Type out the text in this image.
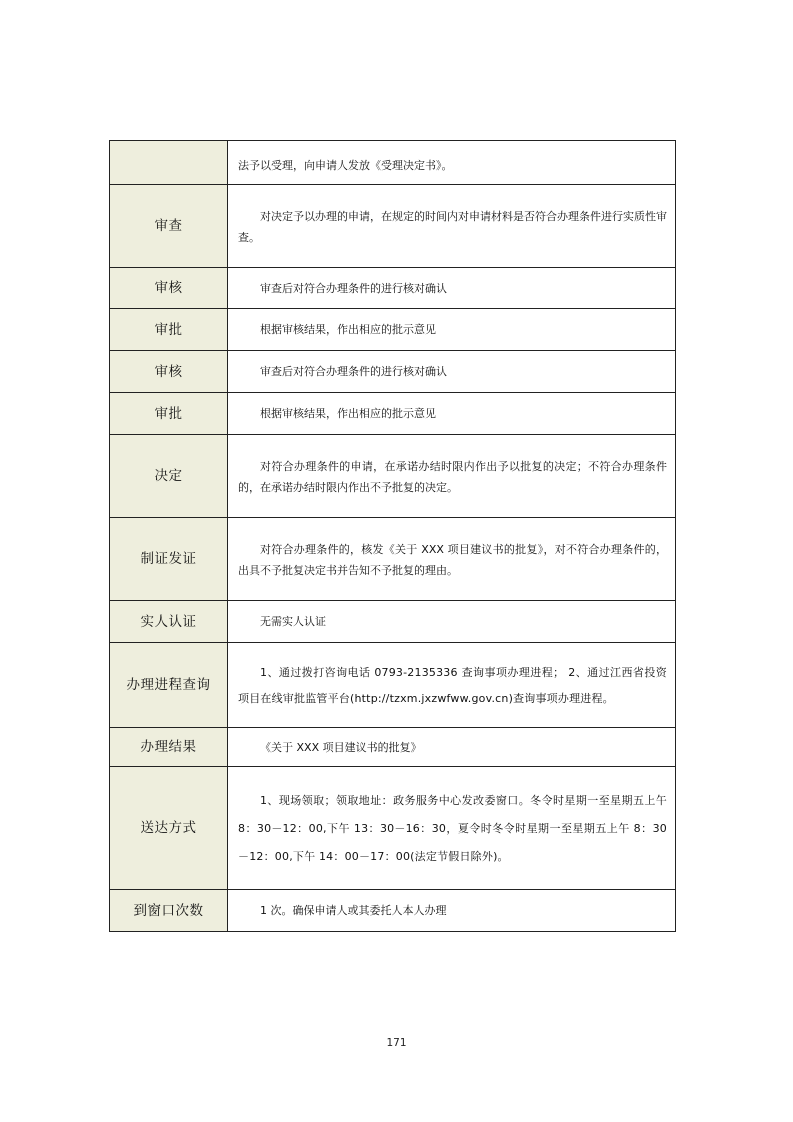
	法予以受理，向申请人发放《受理决定书》。
审查	对决定予以办理的申请，在规定的时间内对申请材料是否符合办理条件进行实质性审查。
审核	审查后对符合办理条件的进行核对确认
审批	根据审核结果，作出相应的批示意见
审核	审查后对符合办理条件的进行核对确认
审批	根据审核结果，作出相应的批示意见
决定	对符合办理条件的申请，在承诺办结时限内作出予以批复的决定；不符合办理条件的，在承诺办结时限内作出不予批复的决定。
制证发证	对符合办理条件的，核发《关于 XXX 项目建议书的批复》，对不符合办理条件的，出具不予批复决定书并告知不予批复的理由。
实人认证	无需实人认证
办理进程查询	1、通过拨打咨询电话 0793-2135336 查询事项办理进程； 2、通过江西省投资项目在线审批监管平台(http://tzxm.jxzwfww.gov.cn)查询事项办理进程。
办理结果	《关于 XXX 项目建议书的批复》
送达方式	1、现场领取；领取地址：政务服务中心发改委窗口。冬令时星期一至星期五上午 8：30－12：00,下午 13：30－16：30，夏令时冬令时星期一至星期五上午 8：30－12：00,下午 14：00－17：00(法定节假日除外)。
到窗口次数	1 次。确保申请人或其委托人本人办理
171
